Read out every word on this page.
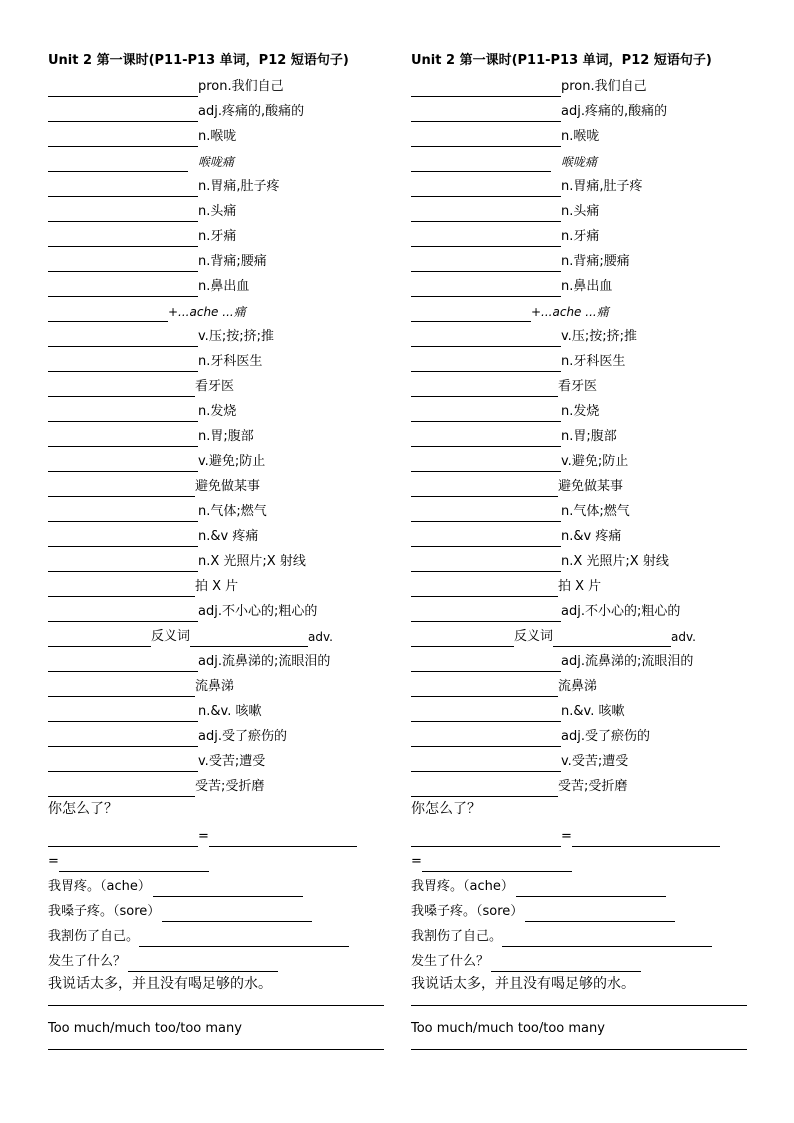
Unit 2 第一课时(P11-P13 单词，P12 短语句子)
pron.我们自己
adj.疼痛的,酸痛的
n.喉咙
喉咙痛
n.胃痛,肚子疼
n.头痛
n.牙痛
n.背痛;腰痛
n.鼻出血
+...ache ...痛
v.压;按;挤;推
n.牙科医生
看牙医
n.发烧
n.胃;腹部
v.避免;防止
避免做某事
n.气体;燃气
n.&v 疼痛
n.X 光照片;X 射线
拍 X 片
adj.不小心的;粗心的
反义词	adv.
adj.流鼻涕的;流眼泪的
流鼻涕
n.&v. 咳嗽
adj.受了瘀伤的
v.受苦;遭受
受苦;受折磨
你怎么了？
=
=
我胃疼。（ache）
我嗓子疼。（sore）
我割伤了自己。
发生了什么？
我说话太多，并且没有喝足够的水。
Too much/much too/too many
Unit 2 第一课时(P11-P13 单词，P12 短语句子)
pron.我们自己
adj.疼痛的,酸痛的
n.喉咙
喉咙痛
n.胃痛,肚子疼
n.头痛
n.牙痛
n.背痛;腰痛
n.鼻出血
+...ache ...痛
v.压;按;挤;推
n.牙科医生
看牙医
n.发烧
n.胃;腹部
v.避免;防止
避免做某事
n.气体;燃气
n.&v 疼痛
n.X 光照片;X 射线
拍 X 片
adj.不小心的;粗心的
反义词	adv.
adj.流鼻涕的;流眼泪的
流鼻涕
n.&v. 咳嗽
adj.受了瘀伤的
v.受苦;遭受
受苦;受折磨
你怎么了？
=
=
我胃疼。（ache）
我嗓子疼。（sore）
我割伤了自己。
发生了什么？
我说话太多，并且没有喝足够的水。
Too much/much too/too many
